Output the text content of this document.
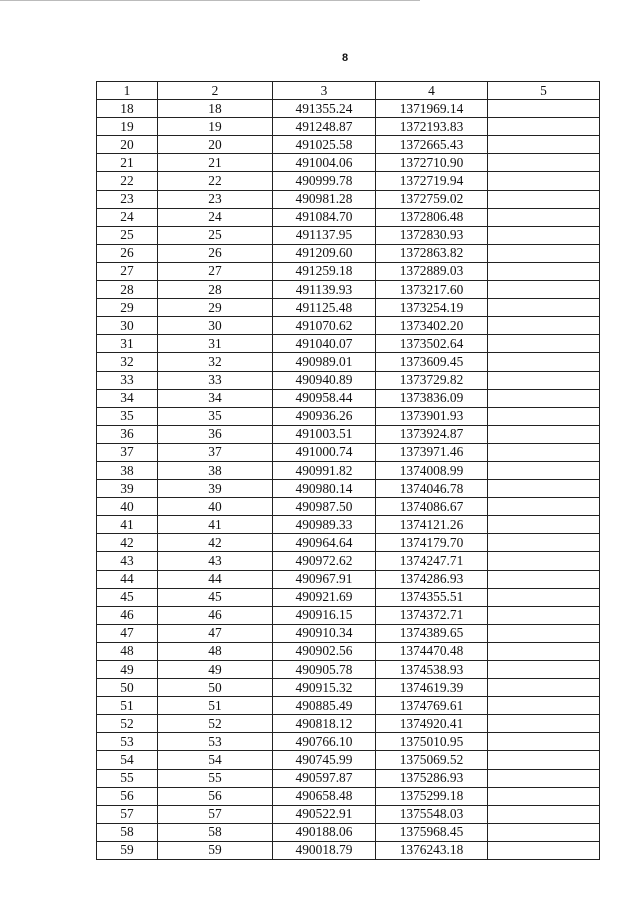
8
1	2	3	4	5
18	18	491355.24	1371969.14	
19	19	491248.87	1372193.83	
20	20	491025.58	1372665.43	
21	21	491004.06	1372710.90	
22	22	490999.78	1372719.94	
23	23	490981.28	1372759.02	
24	24	491084.70	1372806.48	
25	25	491137.95	1372830.93	
26	26	491209.60	1372863.82	
27	27	491259.18	1372889.03	
28	28	491139.93	1373217.60	
29	29	491125.48	1373254.19	
30	30	491070.62	1373402.20	
31	31	491040.07	1373502.64	
32	32	490989.01	1373609.45	
33	33	490940.89	1373729.82	
34	34	490958.44	1373836.09	
35	35	490936.26	1373901.93	
36	36	491003.51	1373924.87	
37	37	491000.74	1373971.46	
38	38	490991.82	1374008.99	
39	39	490980.14	1374046.78	
40	40	490987.50	1374086.67	
41	41	490989.33	1374121.26	
42	42	490964.64	1374179.70	
43	43	490972.62	1374247.71	
44	44	490967.91	1374286.93	
45	45	490921.69	1374355.51	
46	46	490916.15	1374372.71	
47	47	490910.34	1374389.65	
48	48	490902.56	1374470.48	
49	49	490905.78	1374538.93	
50	50	490915.32	1374619.39	
51	51	490885.49	1374769.61	
52	52	490818.12	1374920.41	
53	53	490766.10	1375010.95	
54	54	490745.99	1375069.52	
55	55	490597.87	1375286.93	
56	56	490658.48	1375299.18	
57	57	490522.91	1375548.03	
58	58	490188.06	1375968.45	
59	59	490018.79	1376243.18	
